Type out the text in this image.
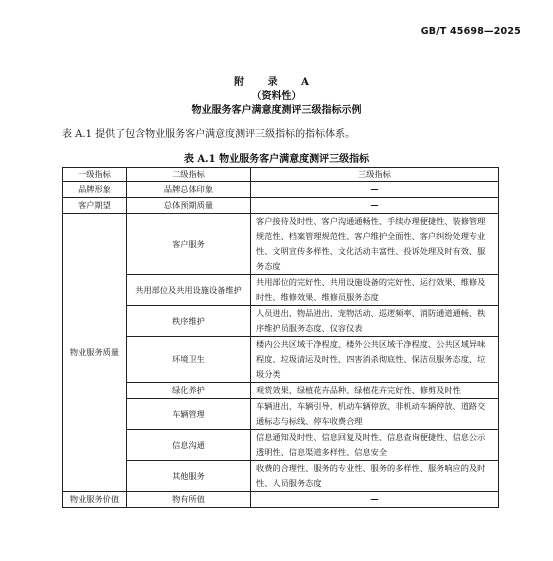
GB/T 45698—2025
附 录 A
（资料性）
物业服务客户满意度测评三级指标示例
表 A.1 提供了包含物业服务客户满意度测评三级指标的指标体系。
表 A.1 物业服务客户满意度测评三级指标
一级指标	二级指标	三级指标
品牌形象	品牌总体印象	—
客户期望	总体预期质量	—
物业服务质量	客户服务	客户接待及时性、客户沟通通畅性、手续办理便捷性、装修管理规范性、档案管理规范性、客户维护全面性、客户纠纷处理专业性、文明宣传多样性、文化活动丰富性、投诉处理及时有效、服务态度
	共用部位及共用设施设备维护	共用部位的完好性、共用设施设备的完好性、运行效果、维修及时性、维修效果、维修员服务态度
	秩序维护	人员进出、物品进出、宠物活动、巡逻频率、消防通道通畅、秩序维护员服务态度、仪容仪表
	环境卫生	楼内公共区域干净程度、楼外公共区域干净程度、公共区域异味程度、垃圾清运及时性、四害消杀彻底性、保洁员服务态度、垃圾分类
	绿化养护	观赏效果、绿植花卉品种、绿植花卉完好性、修剪及时性
	车辆管理	车辆进出、车辆引导、机动车辆停放、非机动车辆停放、道路交通标志与标线、停车收费合理
	信息沟通	信息通知及时性、信息回复及时性、信息查询便捷性、信息公示透明性、信息渠道多样性、信息安全
	其他服务	收费的合理性、服务的专业性、服务的多样性、服务响应的及时性、人员服务态度
物业服务价值	物有所值	—
